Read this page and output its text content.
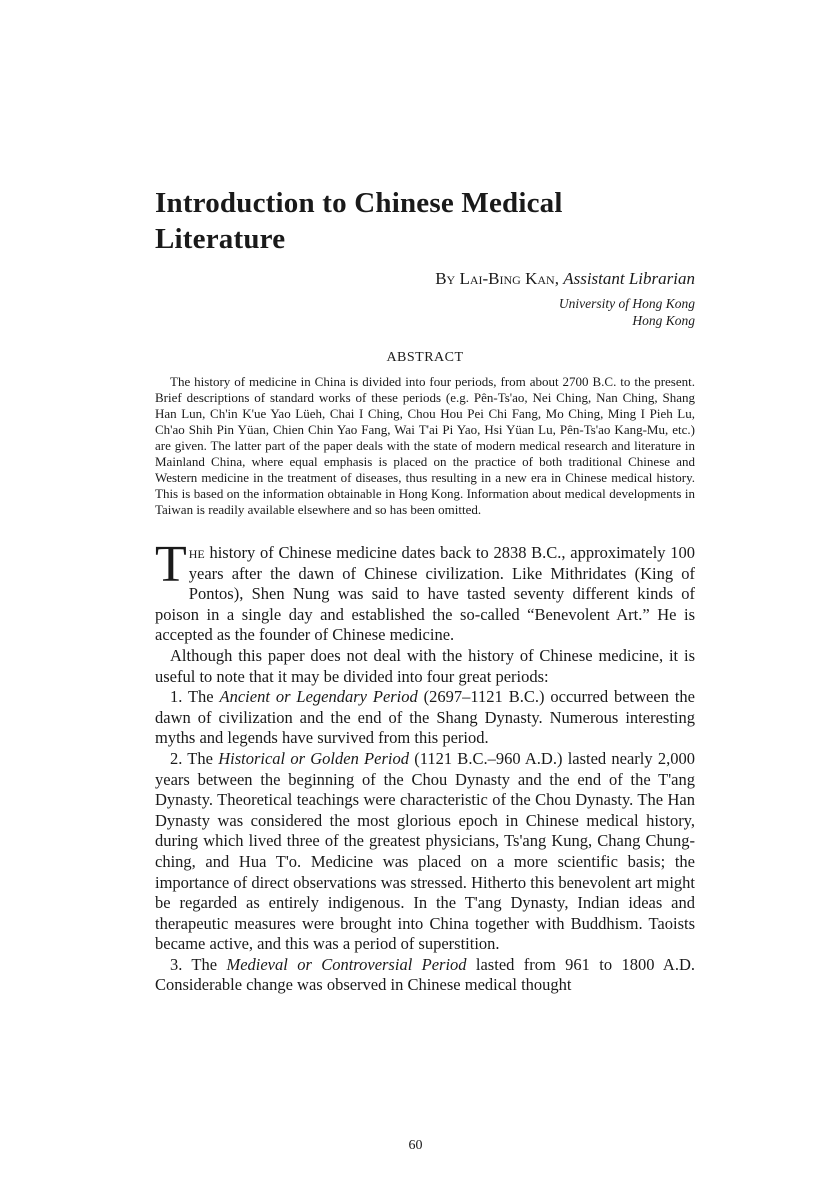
Introduction to Chinese Medical Literature
By Lai-Bing Kan, Assistant Librarian
University of Hong Kong
Hong Kong
ABSTRACT

The history of medicine in China is divided into four periods, from about 2700 B.C. to the present. Brief descriptions of standard works of these periods (e.g. Pên-Ts'ao, Nei Ching, Nan Ching, Shang Han Lun, Ch'in K'ue Yao Lüeh, Chai I Ching, Chou Hou Pei Chi Fang, Mo Ching, Ming I Pieh Lu, Ch'ao Shih Pin Yüan, Chien Chin Yao Fang, Wai T'ai Pi Yao, Hsi Yüan Lu, Pên-Ts'ao Kang-Mu, etc.) are given. The latter part of the paper deals with the state of modern medical research and literature in Mainland China, where equal emphasis is placed on the practice of both traditional Chinese and Western medicine in the treatment of diseases, thus resulting in a new era in Chinese medical history. This is based on the information obtainable in Hong Kong. Information about medical developments in Taiwan is readily available elsewhere and so has been omitted.

The history of Chinese medicine dates back to 2838 B.C., approximately 100 years after the dawn of Chinese civilization. Like Mithridates (King of Pontos), Shen Nung was said to have tasted seventy different kinds of poison in a single day and established the so-called “Benevolent Art.” He is accepted as the founder of Chinese medicine.

Although this paper does not deal with the history of Chinese medicine, it is useful to note that it may be divided into four great periods:

1. The Ancient or Legendary Period (2697–1121 B.C.) occurred between the dawn of civilization and the end of the Shang Dynasty. Numerous interesting myths and legends have survived from this period.

2. The Historical or Golden Period (1121 B.C.–960 A.D.) lasted nearly 2,000 years between the beginning of the Chou Dynasty and the end of the T'ang Dynasty. Theoretical teachings were characteristic of the Chou Dynasty. The Han Dynasty was considered the most glorious epoch in Chinese medical history, during which lived three of the greatest physicians, Ts'ang Kung, Chang Chung-ching, and Hua T'o. Medicine was placed on a more scientific basis; the importance of direct observations was stressed. Hitherto this benevolent art might be regarded as entirely indigenous. In the T'ang Dynasty, Indian ideas and therapeutic measures were brought into China together with Buddhism. Taoists became active, and this was a period of superstition.

3. The Medieval or Controversial Period lasted from 961 to 1800 A.D. Considerable change was observed in Chinese medical thought

60
